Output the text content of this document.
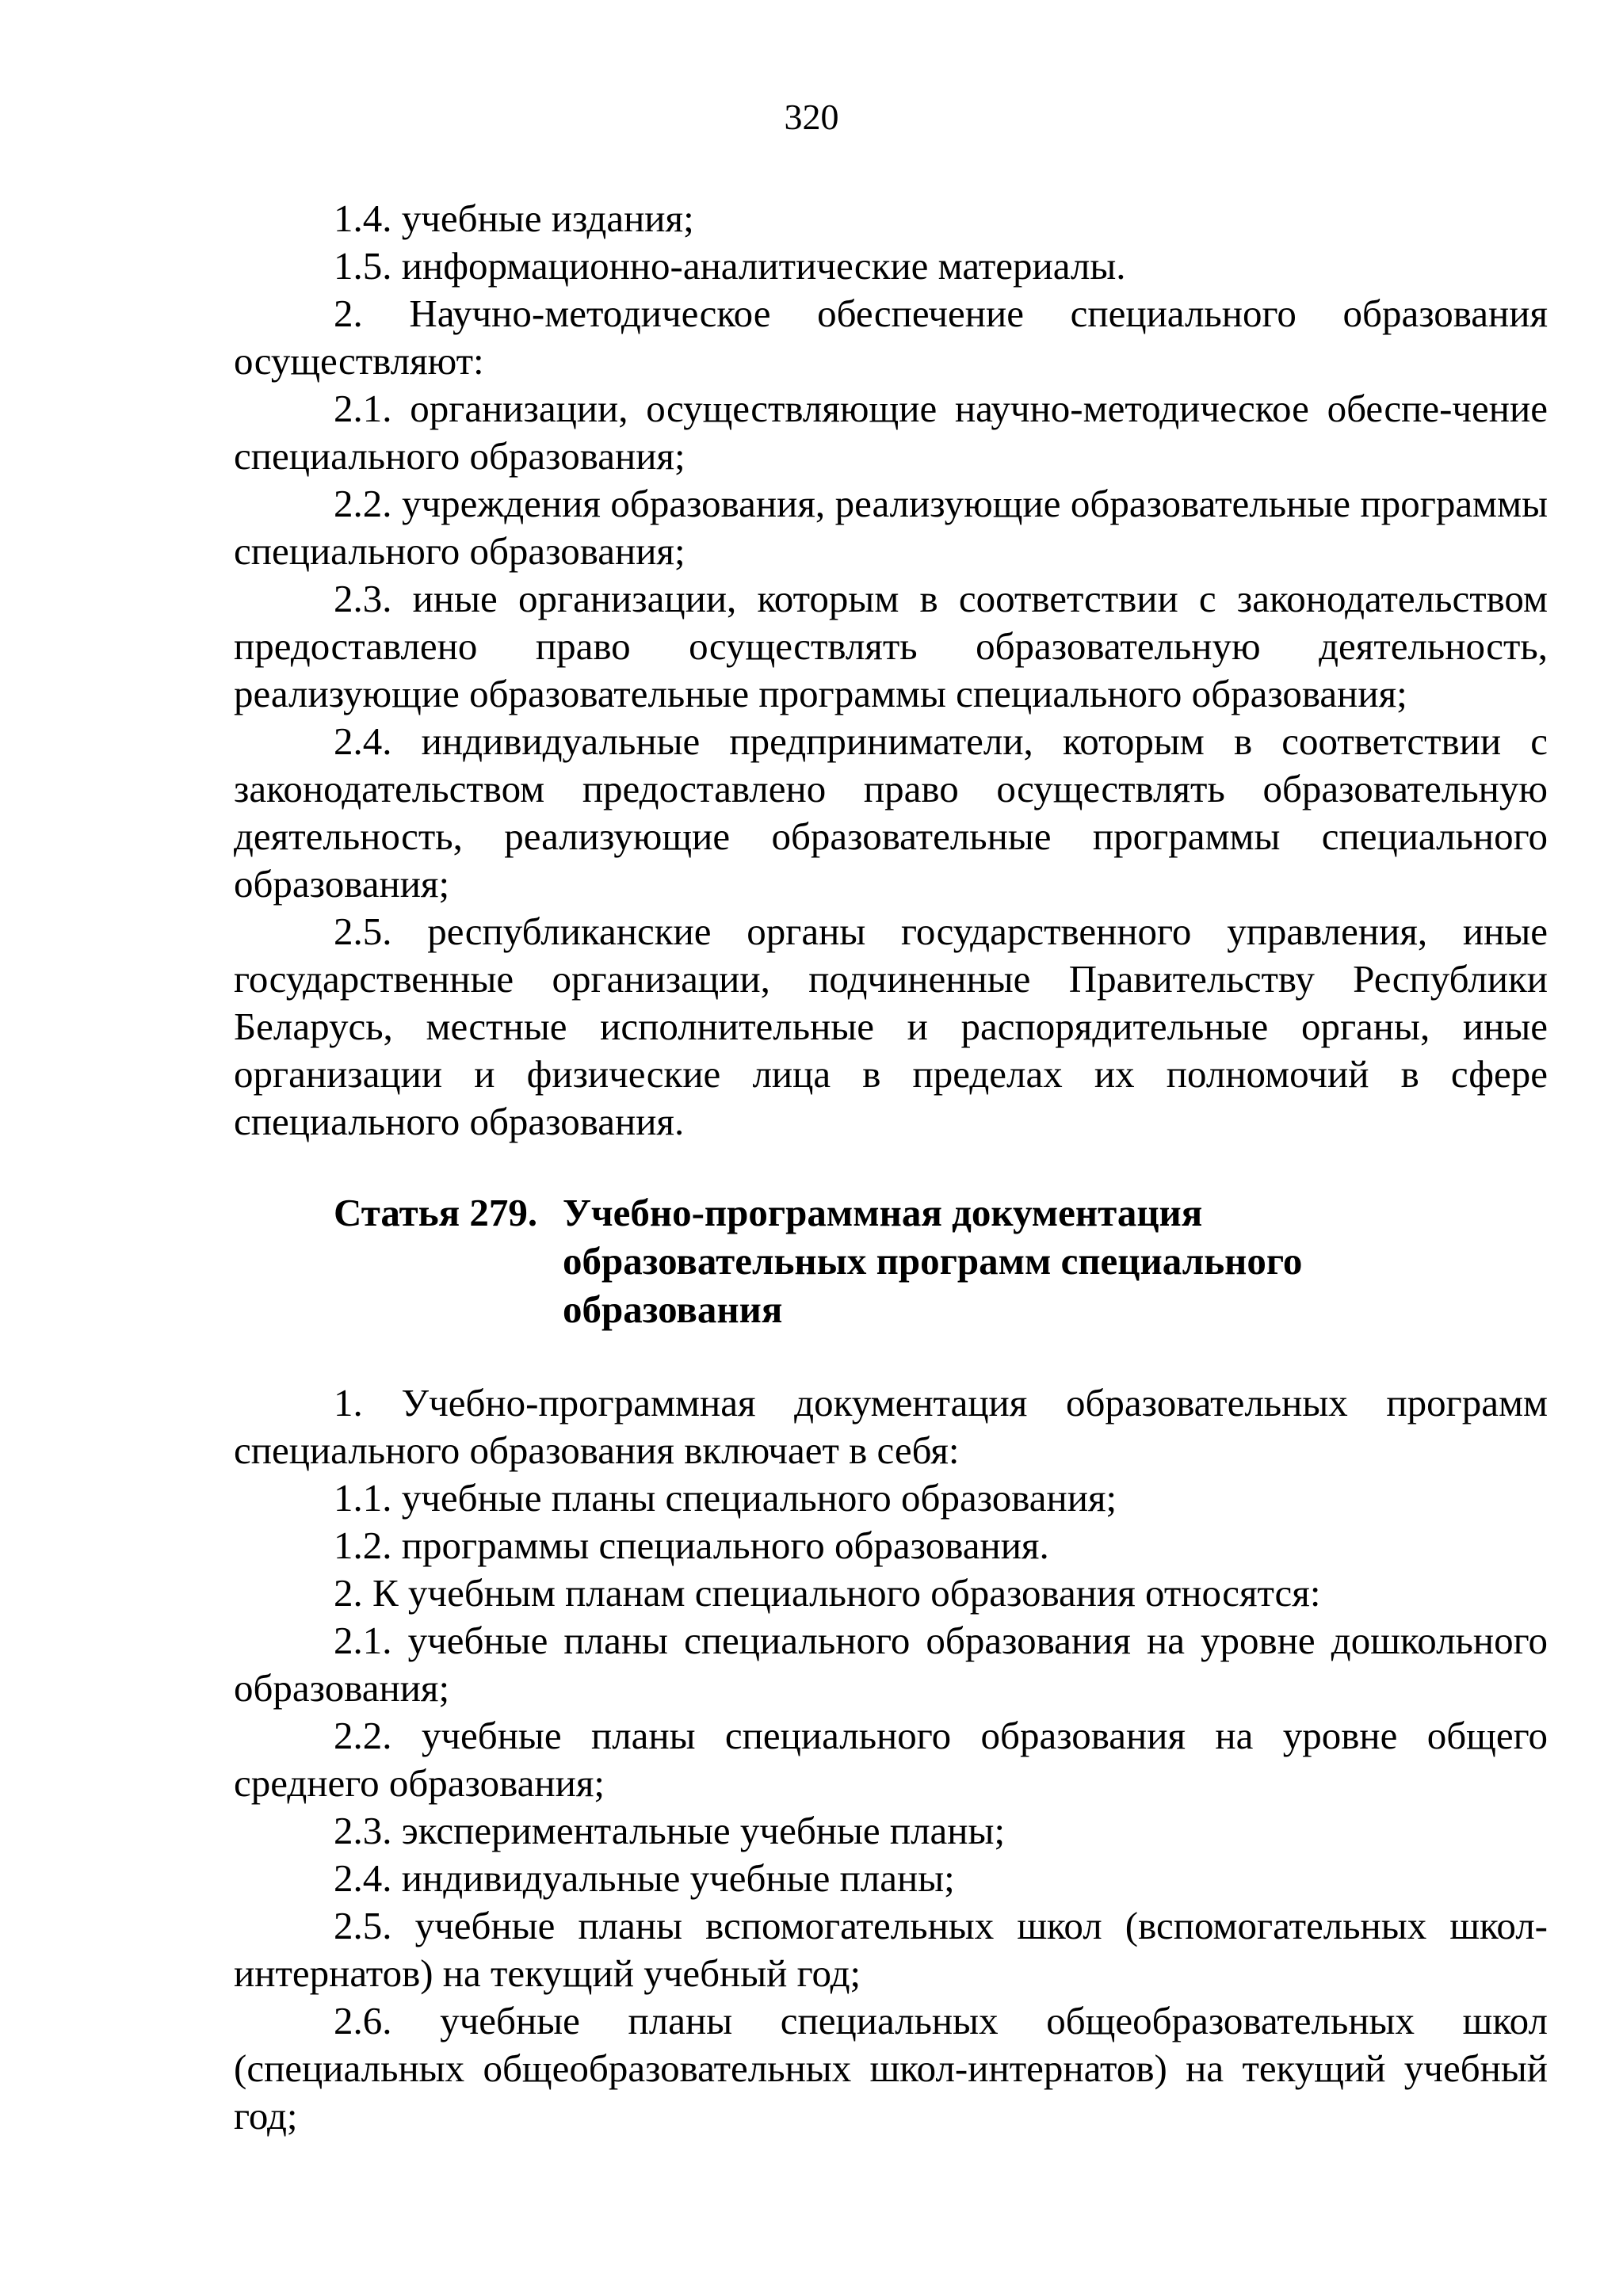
320

1.4. учебные издания;

1.5. информационно-аналитические материалы.

2. Научно-методическое обеспечение специального образования осуществляют:

2.1. организации, осуществляющие научно-методическое обеспе-чение специального образования;

2.2. учреждения образования, реализующие образовательные программы специального образования;

2.3. иные организации, которым в соответствии с законодательством предоставлено право осуществлять образовательную деятельность, реализующие образовательные программы специального образования;

2.4. индивидуальные предприниматели, которым в соответствии с законодательством предоставлено право осуществлять образовательную деятельность, реализующие образовательные программы специального образования;

2.5. республиканские органы государственного управления, иные государственные организации, подчиненные Правительству Республики Беларусь, местные исполнительные и распорядительные органы, иные организации и физические лица в пределах их полномочий в сфере специального образования.

Статья 279. Учебно-программная документация
образовательных программ специального
образования

1. Учебно-программная документация образовательных программ специального образования включает в себя:

1.1. учебные планы специального образования;

1.2. программы специального образования.

2. К учебным планам специального образования относятся:

2.1. учебные планы специального образования на уровне дошкольного образования;

2.2. учебные планы специального образования на уровне общего среднего образования;

2.3. экспериментальные учебные планы;

2.4. индивидуальные учебные планы;

2.5. учебные планы вспомогательных школ (вспомогательных школ-интернатов) на текущий учебный год;

2.6. учебные планы специальных общеобразовательных школ (специальных общеобразовательных школ-интернатов) на текущий учебный год;
